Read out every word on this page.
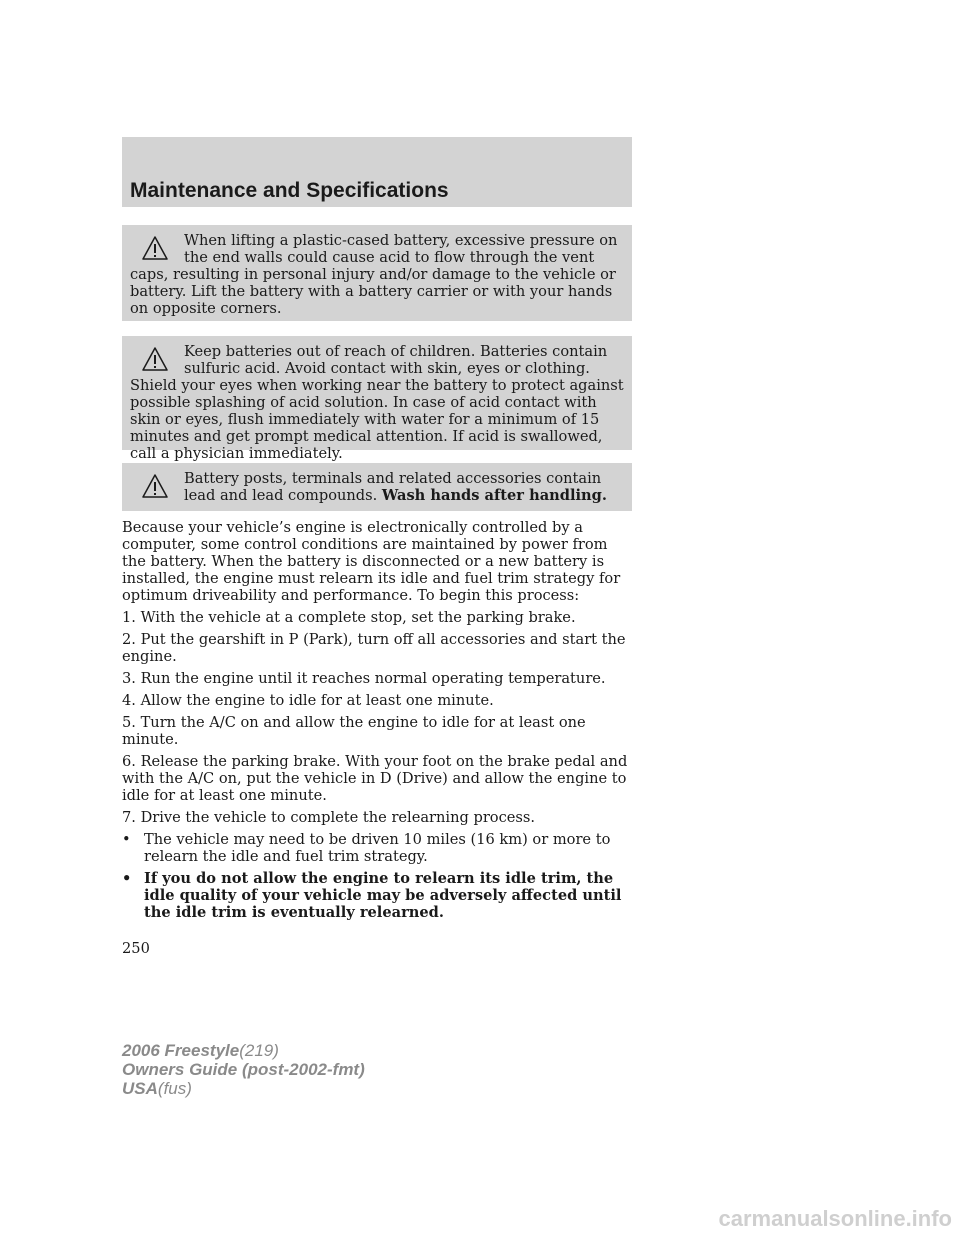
Maintenance and Specifications
When lifting a plastic-cased battery, excessive pressure on the end walls could cause acid to flow through the vent caps, resulting in personal injury and/or damage to the vehicle or battery. Lift the battery with a battery carrier or with your hands on opposite corners.
Keep batteries out of reach of children. Batteries contain sulfuric acid. Avoid contact with skin, eyes or clothing. Shield your eyes when working near the battery to protect against possible splashing of acid solution. In case of acid contact with skin or eyes, flush immediately with water for a minimum of 15 minutes and get prompt medical attention. If acid is swallowed, call a physician immediately.
Battery posts, terminals and related accessories contain lead and lead compounds. Wash hands after handling.

Because your vehicle’s engine is electronically controlled by a computer, some control conditions are maintained by power from the battery. When the battery is disconnected or a new battery is installed, the engine must relearn its idle and fuel trim strategy for optimum driveability and performance. To begin this process:

1. With the vehicle at a complete stop, set the parking brake.

2. Put the gearshift in P (Park), turn off all accessories and start the engine.

3. Run the engine until it reaches normal operating temperature.

4. Allow the engine to idle for at least one minute.

5. Turn the A/C on and allow the engine to idle for at least one minute.

6. Release the parking brake. With your foot on the brake pedal and with the A/C on, put the vehicle in D (Drive) and allow the engine to idle for at least one minute.

7. Drive the vehicle to complete the relearning process.

• The vehicle may need to be driven 10 miles (16 km) or more to relearn the idle and fuel trim strategy.
• If you do not allow the engine to relearn its idle trim, the idle quality of your vehicle may be adversely affected until the idle trim is eventually relearned.
250
2006 Freestyle(219)
Owners Guide (post-2002-fmt)
USA(fus)
carmanualsonline.info
